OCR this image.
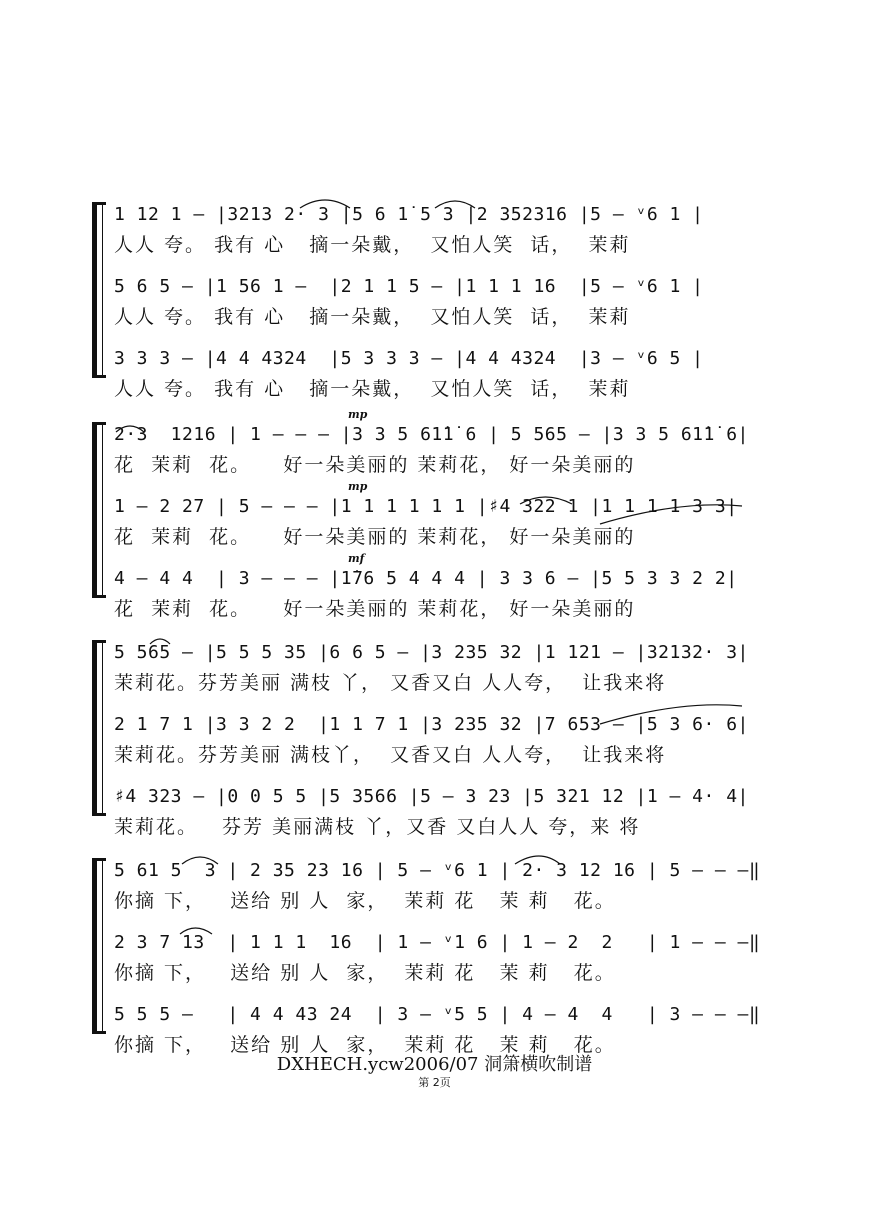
1 12 1 – |3213 2· 3 |5 6 1̇ 5 3 |2 352316 |5 – ᵛ6 1 |
人人 夸。 我有 心   摘一朵戴，  又怕人笑  话，  茉莉
5 6 5 – |1 56 1 –  |2 1 1 5 – |1 1 1 16  |5 – ᵛ6 1 |
人人 夸。 我有 心   摘一朵戴，  又怕人笑  话，  茉莉
3 3 3 – |4 4 4324  |5 3 3 3 – |4 4 4324  |3 – ᵛ6 5 |
人人 夸。 我有 心   摘一朵戴，  又怕人笑  话，  茉莉
mp
2·3  1216 | 1 – – – |3 3 5 61̇1̇ 6 | 5 565 – |3 3 5 61̇1̇ 6|
花  茉莉  花。    好一朵美丽的 茉莉花， 好一朵美丽的
mp
1 – 2 27 | 5 – – – |1 1 1 1 1 1 |♯4 322 1 |1 1 1 1 3 3|
花  茉莉  花。    好一朵美丽的 茉莉花， 好一朵美丽的
mf
4 – 4 4  | 3 – – – |1̇76 5 4 4 4 | 3 3 6 – |5 5 3 3 2 2|
花  茉莉  花。    好一朵美丽的 茉莉花， 好一朵美丽的
5 565 – |5 5 5 35 |6 6 5 – |3 235 32 |1 121 – |32132· 3|
茉莉花。芬芳美丽 满枝 丫， 又香又白 人人夸，  让我来将
2 1 7 1 |3 3 2 2  |1 1 7 1 |3 235 32 |7 653 – |5 3 6· 6|
茉莉花。芬芳美丽 满枝丫，  又香又白 人人夸，  让我来将
♯4 323 – |0 0 5 5 |5 3566 |5 – 3 23 |5 321 12 |1 – 4· 4|
茉莉花。   芬芳 美丽满枝 丫，又香 又白人人 夸，来 将
5 61 5  3 | 2 35 23 16 | 5 – ᵛ6 1 | 2· 3 12 16 | 5 – – –‖
你摘 下，   送给 别 人  家，  茉莉 花   茉 莉   花。
2 3 7 13  | 1 1 1  16  | 1 – ᵛ1 6 | 1 – 2  2   | 1 – – –‖
你摘 下，   送给 别 人  家，  茉莉 花   茉 莉   花。
5 5 5 –   | 4 4 43 24  | 3 – ᵛ5 5 | 4 – 4  4   | 3 – – –‖
你摘 下，   送给 别 人  家，  茉莉 花   茉 莉   花。
DXHECH.ycw2006/07 洞箫横吹制谱
第 2页
